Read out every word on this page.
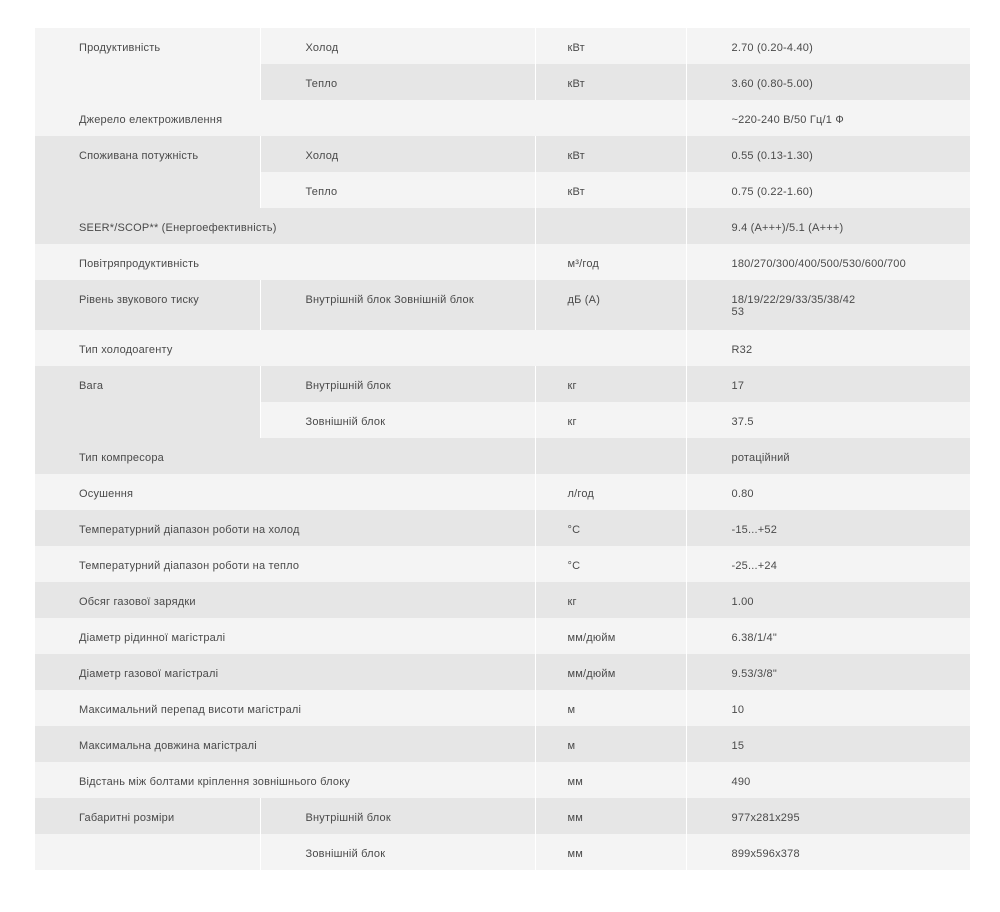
Продуктивність	Холод	кВт	2.70 (0.20-4.40)

	Тепло	кВт	3.60 (0.80-5.00)

Джерело електроживлення			~220-240 В/50 Гц/1 Ф

Споживана потужність	Холод	кВт	0.55 (0.13-1.30)

	Тепло	кВт	0.75 (0.22-1.60)

SEER*/SCOP** (Енергоефективність)			9.4 (A+++)/5.1 (A+++)

Повітряпродуктивність		м³/год	180/270/300/400/500/530/600/700

Рівень звукового тиску	Внутрішній блок Зовнішній блок	дБ (А)	18/19/22/29/33/35/38/42
53

Тип холодоагенту			R32

Вага	Внутрішній блок	кг	17

	Зовнішній блок	кг	37.5

Тип компресора			ротаційний

Осушення		л/год	0.80

Температурний діапазон роботи на холод		°C	-15...+52

Температурний діапазон роботи на тепло		°C	-25...+24

Обсяг газової зарядки		кг	1.00

Діаметр рідинної магістралі		мм/дюйм	6.38/1/4"

Діаметр газової магістралі		мм/дюйм	9.53/3/8"

Максимальний перепад висоти магістралі		м	10

Максимальна довжина магістралі		м	15

Відстань між болтами кріплення зовнішнього блоку		мм	490

Габаритні розміри	Внутрішній блок	мм	977x281x295

	Зовнішній блок	мм	899x596x378
